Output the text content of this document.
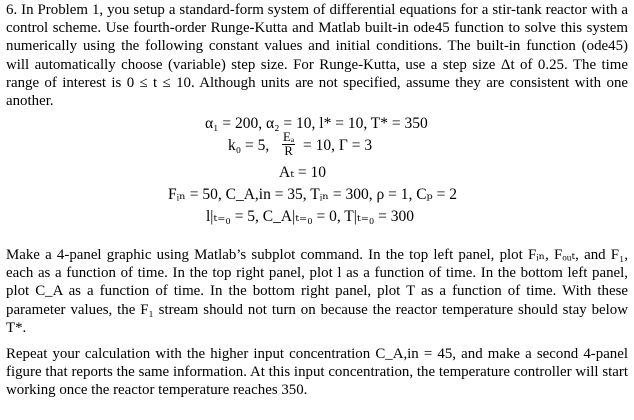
6. In Problem 1, you setup a standard-form system of differential equations for a stir-tank reactor with a control scheme. Use fourth-order Runge-Kutta and Matlab built-in ode45 function to solve this system numerically using the following constant values and initial conditions. The built-in function (ode45) will automatically choose (variable) step size. For Runge-Kutta, use a step size Δt of 0.25. The time range of interest is 0 ≤ t ≤ 10. Although units are not specified, assume they are consistent with one another.

α₁ = 200, α₂ = 10, l* = 10, T* = 350
k₀ = 5, $\frac{\text{Eₐ}}{R} = 10$, Γ = 3
Aₜ = 10
Fᵢₙ = 50, C_A,in = 35, Tᵢₙ = 300, ρ = 1, Cₚ = 2
l|ₜ₌₀ = 5, C_A|ₜ₌₀ = 0, T|ₜ₌₀ = 300

Make a 4-panel graphic using Matlab’s subplot command. In the top left panel, plot Fᵢₙ, Fₒᵤₜ, and F₁, each as a function of time. In the top right panel, plot l as a function of time. In the bottom left panel, plot C_A as a function of time. In the bottom right panel, plot T as a function of time. With these parameter values, the F₁ stream should not turn on because the reactor temperature should stay below T*.

Repeat your calculation with the higher input concentration C_A,in = 45, and make a second 4-panel figure that reports the same information. At this input concentration, the temperature controller will start working once the reactor temperature reaches 350.
